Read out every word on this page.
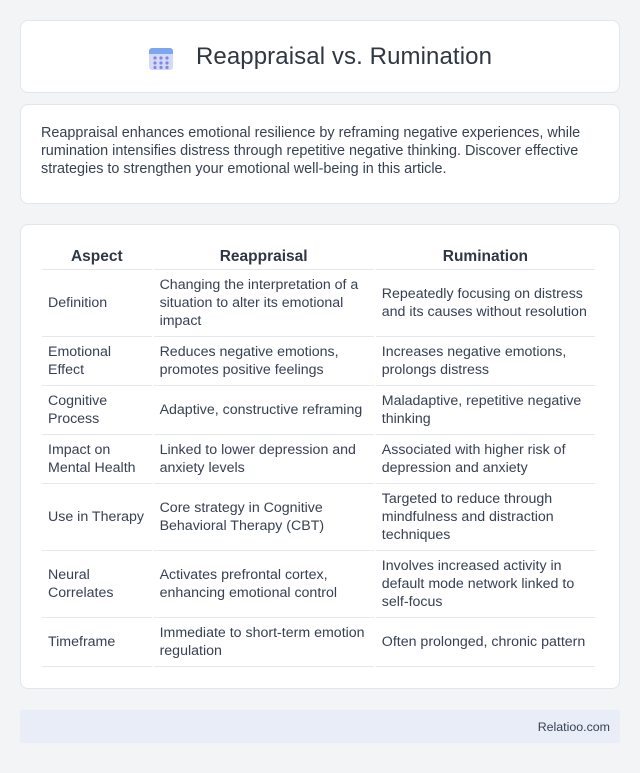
Reappraisal vs. Rumination

Reappraisal enhances emotional resilience by reframing negative experiences, while rumination intensifies distress through repetitive negative thinking. Discover effective strategies to strengthen your emotional well-being in this article.

Aspect	Reappraisal	Rumination
Definition	Changing the interpretation of a situation to alter its emotional impact	Repeatedly focusing on distress and its causes without resolution
Emotional Effect	Reduces negative emotions, promotes positive feelings	Increases negative emotions, prolongs distress
Cognitive Process	Adaptive, constructive reframing	Maladaptive, repetitive negative thinking
Impact on Mental Health	Linked to lower depression and anxiety levels	Associated with higher risk of depression and anxiety
Use in Therapy	Core strategy in Cognitive Behavioral Therapy (CBT)	Targeted to reduce through mindfulness and distraction techniques
Neural Correlates	Activates prefrontal cortex, enhancing emotional control	Involves increased activity in default mode network linked to self-focus
Timeframe	Immediate to short-term emotion regulation	Often prolonged, chronic pattern
Relatioo.com
